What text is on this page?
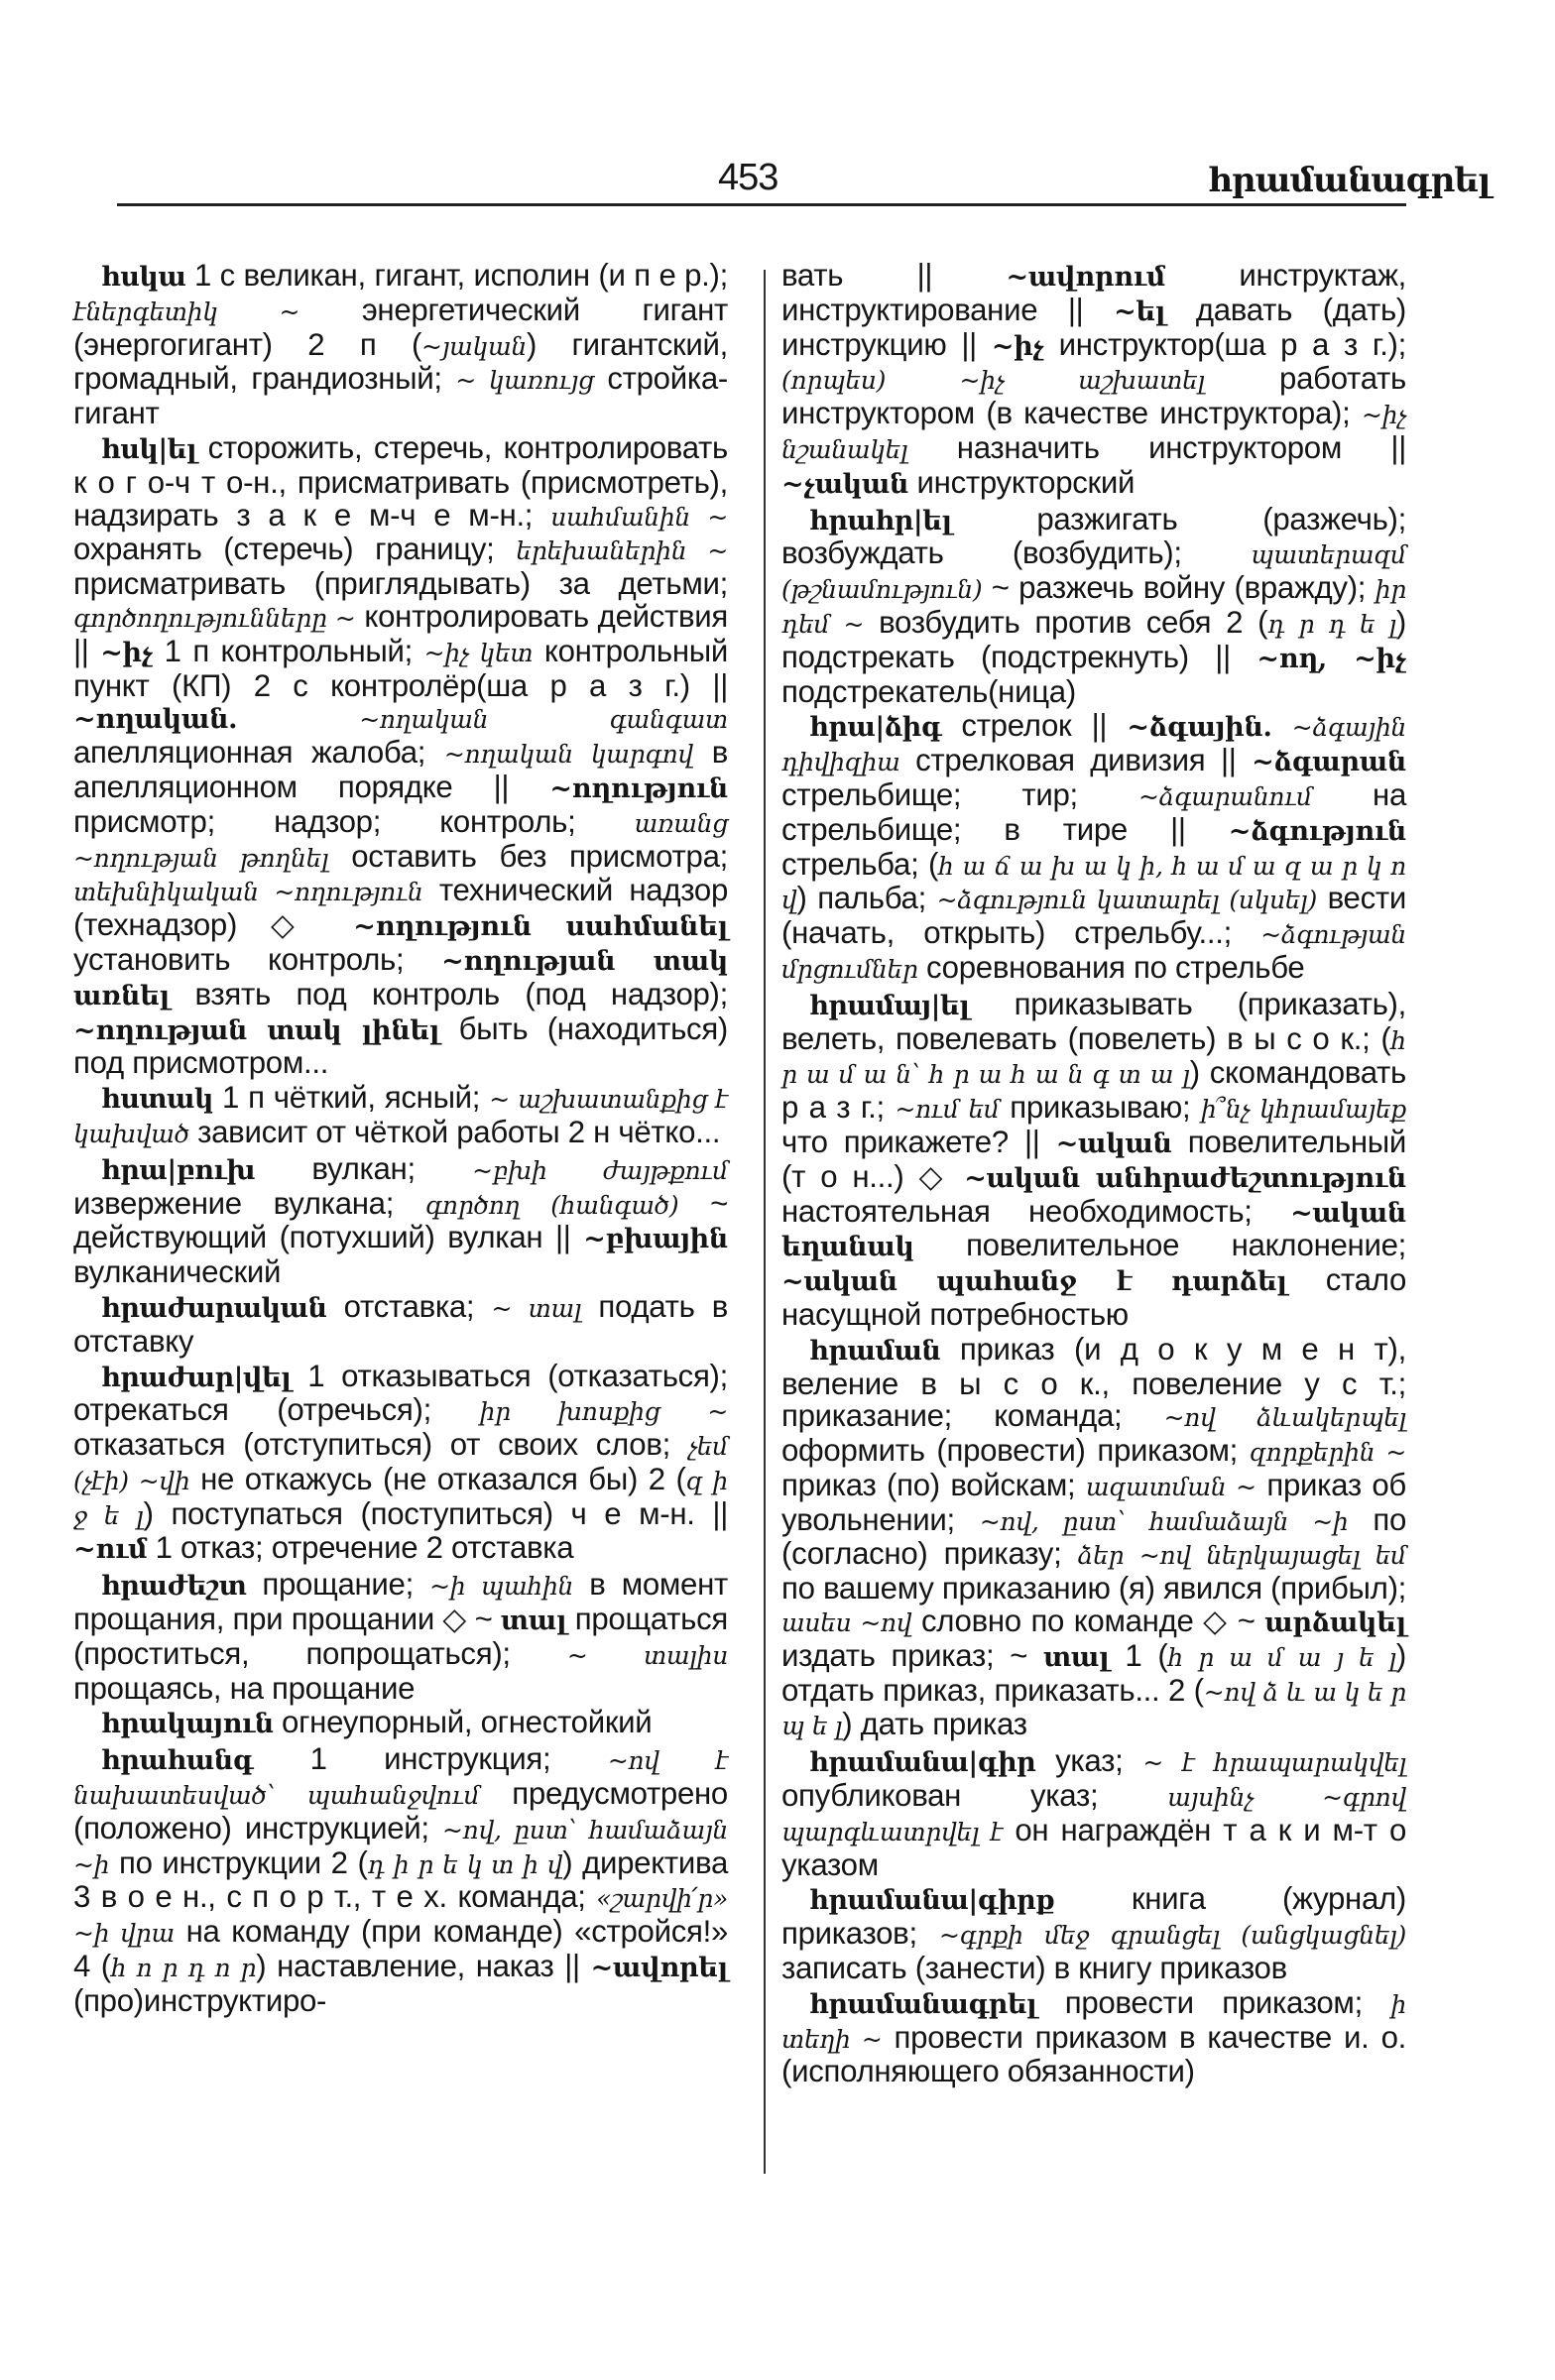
453	հրամանագրել

հսկա 1 с великан, гигант, исполин (и п е р.); էներգետիկ ~ энергетический гигант (энергогигант) 2 п (~յական) гигантский, громадный, грандиозный; ~ կառույց стройка-гигант

հսկ|ել сторожить, стеречь, контролировать к о г о-ч т о-н., присматривать (присмотреть), надзирать з а к е м-ч е м-н.; սահմանին ~ охранять (стеречь) границу; երեխաներին ~ присматривать (приглядывать) за детьми; գործողությունները ~ контролировать действия || ~իչ 1 п контрольный; ~իչ կետ контрольный пункт (КП) 2 с контролёр(ша р а з г.) || ~ողական.	~ողական գանգատ апелляционная жалоба; ~ողական կարգով в апелляционном порядке || ~ողություն присмотр; надзор; контроль; առանց ~ողության թողնել оставить без присмотра; տեխնիկական ~ողություն технический надзор (технадзор) ◇ ~ողություն սահմանել установить контроль; ~ողության տակ առնել взять под контроль (под надзор); ~ողության տակ լինել быть (находиться) под присмотром...

հստակ 1 п чёткий, ясный; ~ աշխատանքից է կախված зависит от чёткой работы 2 н чётко...

հրա|բուխ вулкан; ~բխի ժայթքում извержение вулкана; գործող (հանգած) ~ действующий (потухший) вулкан || ~բխային вулканический

հրաժարական отставка; ~ տալ подать в отставку

հրաժար|վել 1 отказываться (отказаться); отрекаться (отречься); իր խոսքից ~ отказаться (отступиться) от своих слов; չեմ (չէի) ~վի не откажусь (не отказался бы) 2 (զ ի ջ ե լ) поступаться (поступиться) ч е м-н. || ~ում 1 отказ; отречение 2 отставка

հրաժեշտ прощание; ~ի պահին в момент прощания, при прощании ◇ ~ տալ прощаться (проститься, попрощаться); ~ տալիս прощаясь, на прощание

հրակայուն огнеупорный, огнестойкий

հրահանգ 1 инструкция; ~ով է նախատեսված՝ պահանջվում предусмотрено (положено) инструкцией; ~ով, ըստ՝ համաձայն ~ի по инструкции 2 (դ ի ր ե կ տ ի վ) директива 3 в о е н., с п о р т., т е х. команда; «շարվի՛ր» ~ի վրա на команду (при команде) «стройся!» 4 (հ ո ր դ ո ր) наставление, наказ || ~ավորել (про)инструктиро-

вать || ~ավորում инструктаж, инструктирование || ~ել давать (дать) инструкцию || ~իչ инструктор(ша р а з г.); (որպես) ~իչ աշխատել работать инструктором (в качестве инструктора); ~իչ նշանակել назначить инструктором || ~չական инструкторский

հրահր|ել разжигать (разжечь); возбуждать (возбудить); պատերազմ (թշնամություն) ~ разжечь войну (вражду); իր դեմ ~ возбудить против себя 2 (դ ր դ ե լ) подстрекать (подстрекнуть) || ~ող, ~իչ подстрекатель(ница)

հրա|ձիգ стрелок || ~ձգային. ~ձգային դիվիզիա стрелковая дивизия || ~ձգարան стрельбище; тир; ~ձգարանում на стрельбище; в тире || ~ձգություն стрельба; (հ ա ճ ա խ ա կ ի, հ ա մ ա զ ա ր կ ո վ) пальба; ~ձգություն կատարել (սկսել) вести (начать, открыть) стрельбу...; ~ձգության մրցումներ соревнования по стрельбе

հրամայ|ել приказывать (приказать), велеть, повелевать (повелеть) в ы с о к.; (հ ր ա մ ա ն՝ հ ր ա հ ա ն գ տ ա լ) скомандовать р а з г.; ~ում եմ приказываю; ի՞նչ կհրամայեք что прикажете? || ~ական повелительный (т о н...) ◇ ~ական անհրաժեշտություն настоятельная необходимость; ~ական եղանակ повелительное наклонение; ~ական պահանջ է դարձել стало насущной потребностью

հրաման приказ (и д о к у м е н т), веление в ы с о к., повеление у с т.; приказание; команда; ~ով ձևակերպել оформить (провести) приказом; զորքերին ~ приказ (по) войскам; ազատման ~ приказ об увольнении; ~ով, ըստ՝ համաձայն ~ի по (согласно) приказу; ձեր ~ով ներկայացել եմ по вашему приказанию (я) явился (прибыл); ասես ~ով словно по команде ◇ ~ արձակել издать приказ; ~ տալ 1 (հ ր ա մ ա յ ե լ) отдать приказ, приказать... 2 (~ով ձ և ա կ ե ր պ ե լ) дать приказ

հրամանա|գիր указ; ~ է հրապարակվել опубликован указ; այսինչ ~գրով պարգևատրվել է он награждён т а к и м-т о указом

հրամանա|գիրք книга (журнал) приказов; ~գրքի մեջ գրանցել (անցկացնել) записать (занести) в книгу приказов

հրամանագրել провести приказом; ի տեղի ~ провести приказом в качестве и. о. (исполняющего обязанности)
